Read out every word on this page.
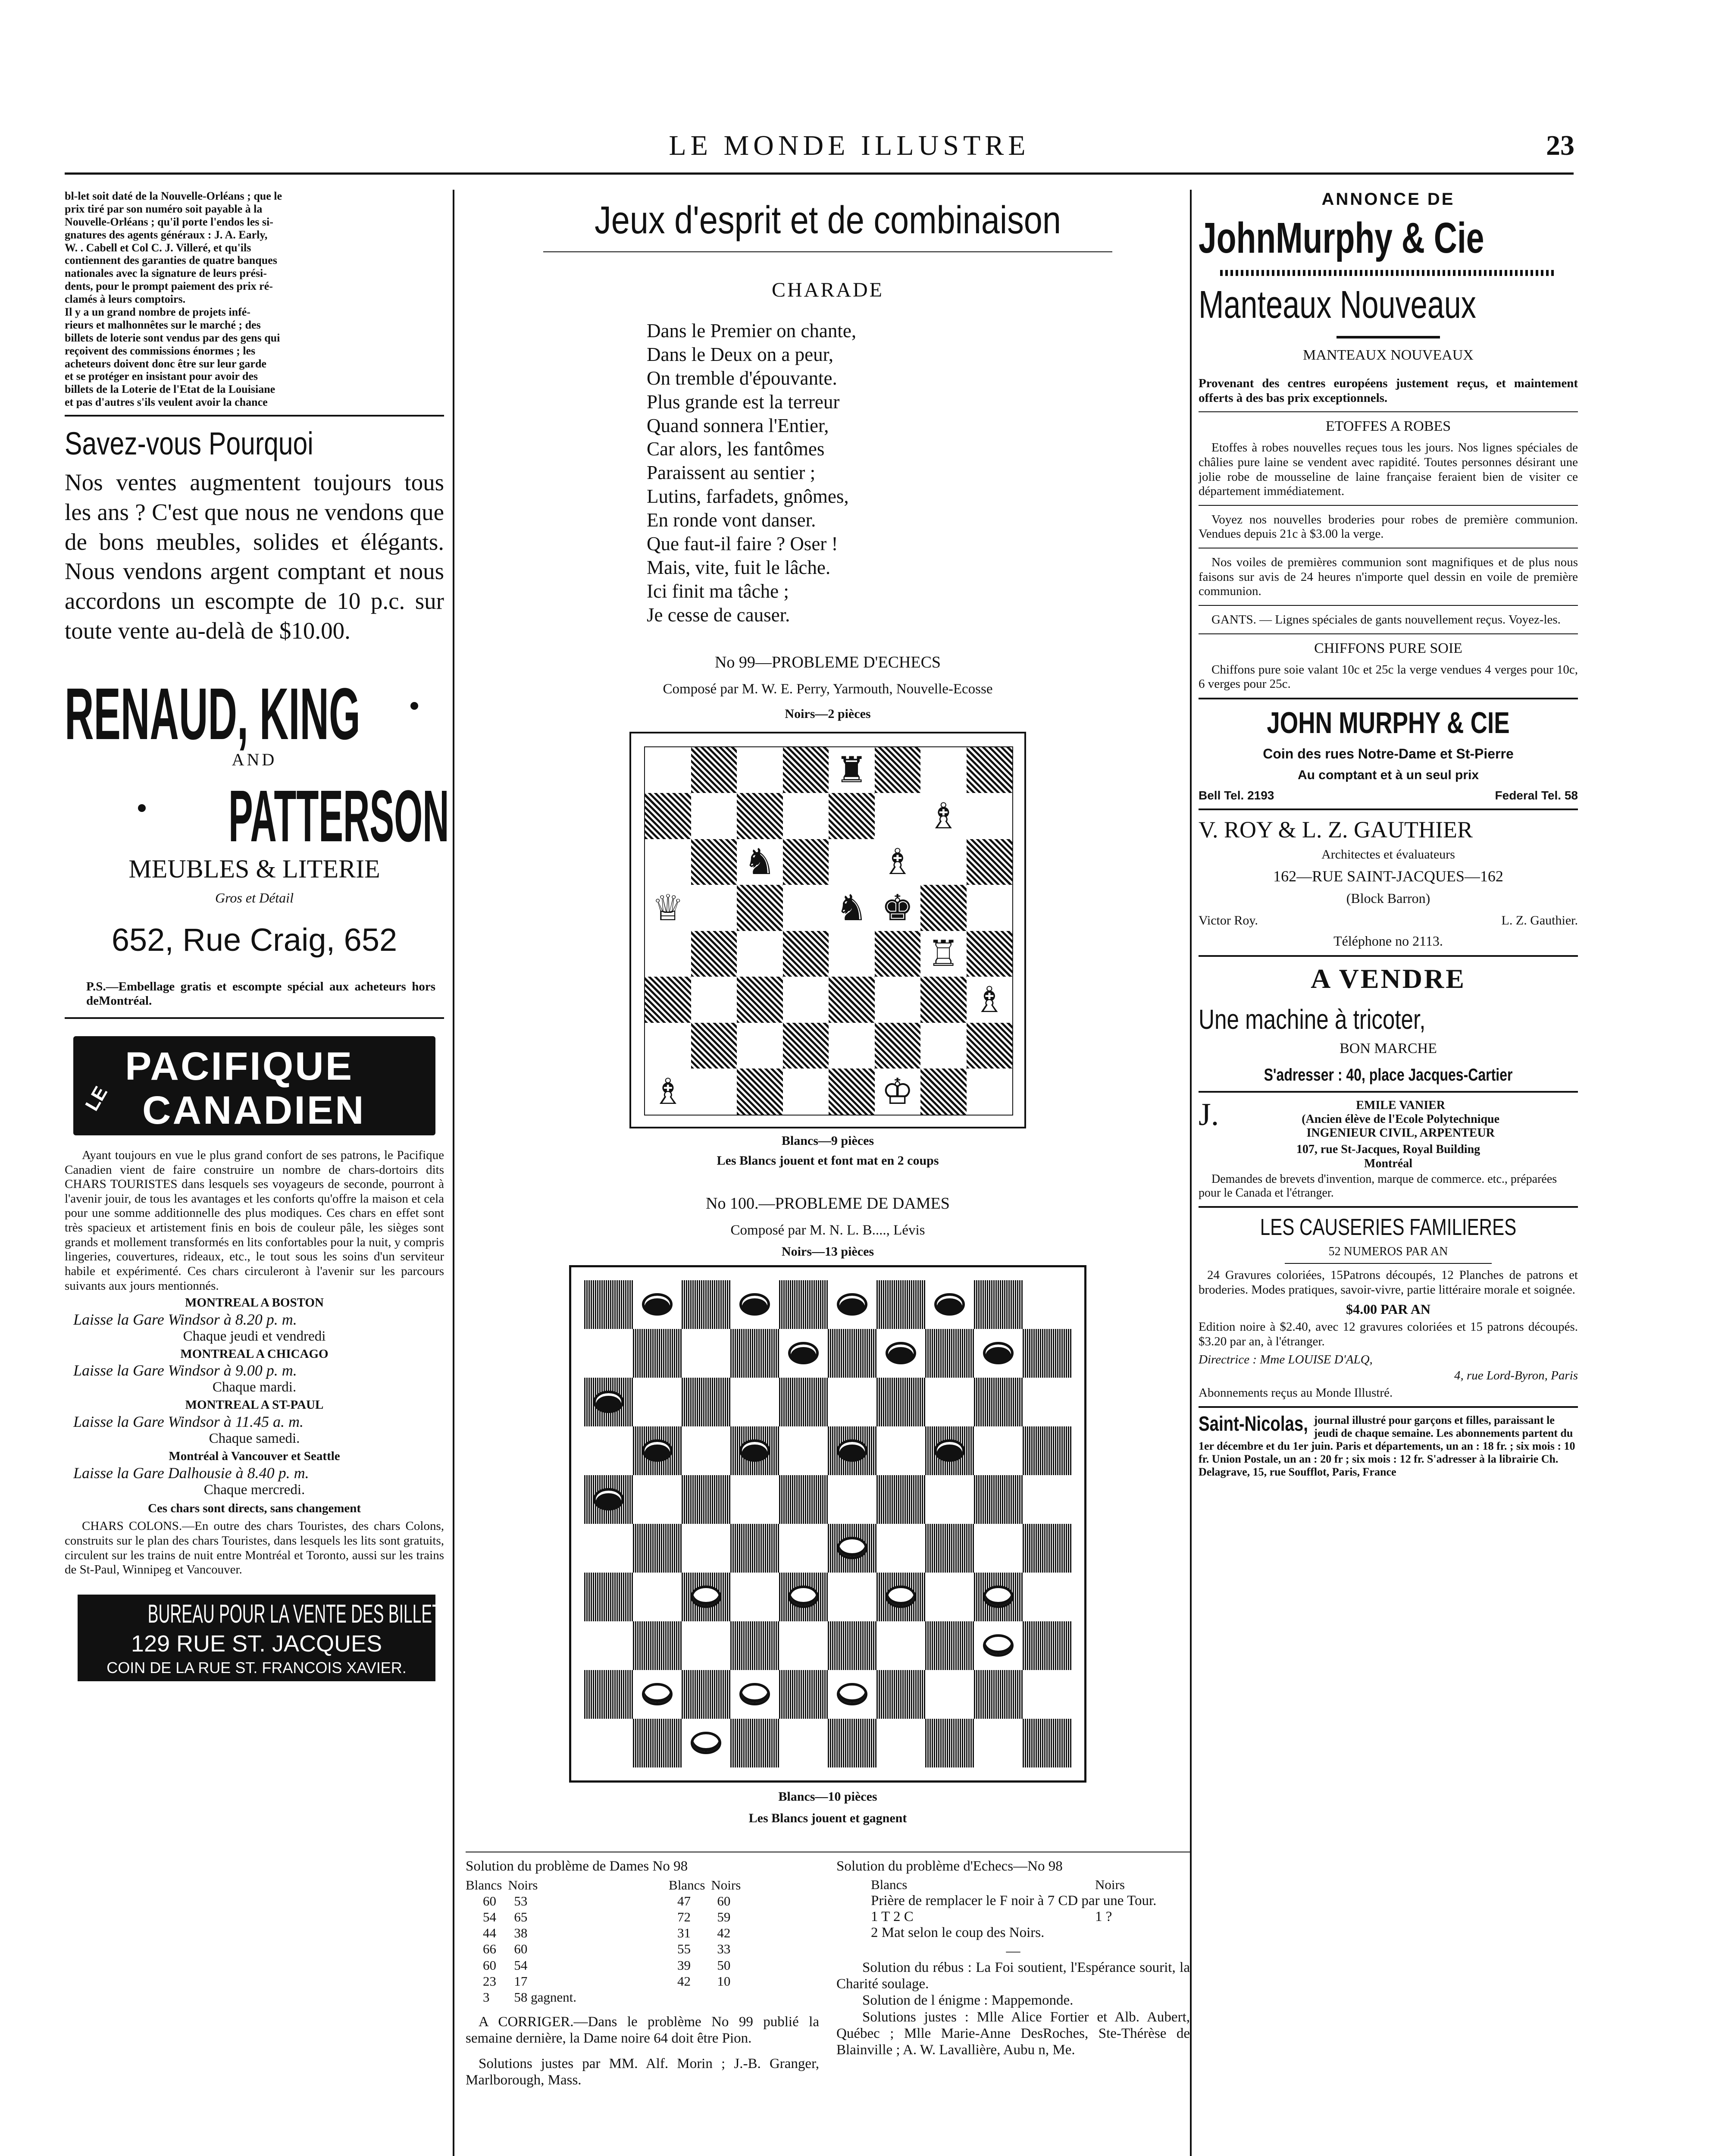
LE MONDE ILLUSTRE	23
bl-let soit daté de la Nouvelle-Orléans ; que le
prix tiré par son numéro soit payable à la
Nouvelle-Orléans ; qu'il porte l'endos les si-
gnatures des agents généraux : J. A. Early,
W. . Cabell et Col C. J. Villeré, et qu'ils
contiennent des garanties de quatre banques
nationales avec la signature de leurs prési-
dents, pour le prompt paiement des prix ré-
clamés à leurs comptoirs.
Il y a un grand nombre de projets infé-
rieurs et malhonnêtes sur le marché ; des
billets de loterie sont vendus par des gens qui
reçoivent des commissions énormes ; les
acheteurs doivent donc être sur leur garde
et se protéger en insistant pour avoir des
billets de la Loterie de l'Etat de la Louisiane
et pas d'autres s'ils veulent avoir la chance
Savez-vous Pourquoi
Nos ventes augmentent toujours tous les ans ? C'est que nous ne vendons que de bons meubles, solides et élégants. Nous vendons argent comptant et nous accordons un escompte de 10 p.c. sur toute vente au-delà de $10.00.
RENAUD, KING
AND
PATTERSON
MEUBLES & LITERIE
Gros et Détail
652, Rue Craig, 652
P.S.—Embellage gratis et escompte spécial aux acheteurs hors deMontréal.
LE
PACIFIQUE
CANADIEN
Ayant toujours en vue le plus grand confort de ses patrons, le Pacifique Canadien vient de faire construire un nombre de chars-dortoirs dits CHARS TOURISTES dans lesquels ses voyageurs de seconde, pourront à l'avenir jouir, de tous les avantages et les conforts qu'offre la maison et cela pour une somme additionnelle des plus modiques. Ces chars en effet sont très spacieux et artistement finis en bois de couleur pâle, les sièges sont grands et mollement transformés en lits confortables pour la nuit, y compris lingeries, couvertures, rideaux, etc., le tout sous les soins d'un serviteur habile et expérimenté. Ces chars circuleront à l'avenir sur les parcours suivants aux jours mentionnés.
MONTREAL A BOSTON
Laisse la Gare Windsor à 8.20 p. m.
Chaque jeudi et vendredi
MONTREAL A CHICAGO
Laisse la Gare Windsor à 9.00 p. m.
Chaque mardi.
MONTREAL A ST-PAUL
Laisse la Gare Windsor à 11.45 a. m.
Chaque samedi.
Montréal à Vancouver et Seattle
Laisse la Gare Dalhousie à 8.40 p. m.
Chaque mercredi.
Ces chars sont directs, sans changement
CHARS COLONS.—En outre des chars Touristes, des chars Colons, construits sur le plan des chars Touristes, dans lesquels les lits sont gratuits, circulent sur les trains de nuit entre Montréal et Toronto, aussi sur les trains de St-Paul, Winnipeg et Vancouver.
BUREAU POUR LA VENTE DES BILLETS
129 RUE ST. JACQUES
COIN DE LA RUE ST. FRANCOIS XAVIER.
Jeux d'esprit et de combinaison
CHARADE
Dans le Premier on chante,
Dans le Deux on a peur,
On tremble d'épouvante.
Plus grande est la terreur
Quand sonnera l'Entier,
Car alors, les fantômes
Paraissent au sentier ;
Lutins, farfadets, gnômes,
En ronde vont danser.
Que faut-il faire ? Oser !
Mais, vite, fuit le lâche.
Ici finit ma tâche ;
Je cesse de causer.
No 99—PROBLEME D'ECHECS
Composé par M. W. E. Perry, Yarmouth, Nouvelle-Ecosse
Noirs—2 pièces
♜
♗
♞	♗
♕	♞ ♚
♖
♗
♗	♔
Blancs—9 pièces
Les Blancs jouent et font mat en 2 coups
No 100.—PROBLEME DE DAMES
Composé par M. N. L. B...., Lévis
Noirs—13 pièces
Blancs—10 pièces
Les Blancs jouent et gagnent
Solution du problème de Dames No 98
Blancs	Noirs	Blancs	Noirs
60	53	47	60
54	65	72	59
44	38	31	42
66	60	55	33
60	54	39	50
23	17	42	10
3	58 gagnent.		
A CORRIGER.—Dans le problème No 99 publié la semaine dernière, la Dame noire 64 doit être Pion.
Solutions justes par MM. Alf. Morin ; J.-B. Granger, Marlborough, Mass.
Solution du problème d'Echecs—No 98
Blancs	Noirs
Prière de remplacer le F noir à 7 CD par une Tour.
1 T 2 C	1 ?
2 Mat selon le coup des Noirs.
—
Solution du rébus : La Foi soutient, l'Espérance sourit, la Charité soulage.
Solution de l énigme : Mappemonde.
Solutions justes : Mlle Alice Fortier et Alb. Aubert, Québec ; Mlle Marie-Anne DesRoches, Ste-Thérèse de Blainville ; A. W. Lavallière, Aubu n, Me.
ANNONCE DE
JohnMurphy & Cie
Manteaux Nouveaux
MANTEAUX NOUVEAUX
Provenant des centres européens justement reçus, et maintement offerts à des bas prix exceptionnels.
ETOFFES A ROBES
Etoffes à robes nouvelles reçues tous les jours. Nos lignes spéciales de châlies pure laine se vendent avec rapidité. Toutes personnes désirant une jolie robe de mousseline de laine française feraient bien de visiter ce département immédiatement.
Voyez nos nouvelles broderies pour robes de première communion. Vendues depuis 21c à $3.00 la verge.
Nos voiles de premières communion sont magnifiques et de plus nous faisons sur avis de 24 heures n'importe quel dessin en voile de première communion.
GANTS. — Lignes spéciales de gants nouvellement reçus. Voyez-les.
CHIFFONS PURE SOIE
Chiffons pure soie valant 10c et 25c la verge vendues 4 verges pour 10c, 6 verges pour 25c.
JOHN MURPHY & CIE
Coin des rues Notre-Dame et St-Pierre
Au comptant et à un seul prix
Bell Tel. 2193	Federal Tel. 58
V. ROY & L. Z. GAUTHIER
Architectes et évaluateurs
162—RUE SAINT-JACQUES—162
(Block Barron)
Victor Roy.	L. Z. Gauthier.
Téléphone no 2113.
A VENDRE
Une machine à tricoter,
BON MARCHE
S'adresser : 40, place Jacques-Cartier
J.	EMILE VANIER
(Ancien élève de l'Ecole Polytechnique
INGENIEUR CIVIL, ARPENTEUR
107, rue St-Jacques, Royal Building
Montréal
Demandes de brevets d'invention, marque de commerce. etc., préparées pour le Canada et l'étranger.
LES CAUSERIES FAMILIERES
52 NUMEROS PAR AN
24 Gravures coloriées, 15Patrons découpés, 12 Planches de patrons et broderies. Modes pratiques, savoir-vivre, partie littéraire morale et soignée.
$4.00 PAR AN
Edition noire à $2.40, avec 12 gravures coloriées et 15 patrons découpés. $3.20 par an, à l'étranger.
Directrice : Mme LOUISE D'ALQ,
4, rue Lord-Byron, Paris
Abonnements reçus au Monde Illustré.
Saint-Nicolas, journal illustré pour garçons et filles, paraissant le jeudi de chaque semaine. Les abonnements partent du 1er décembre et du 1er juin. Paris et départements, un an : 18 fr. ; six mois : 10 fr. Union Postale, un an : 20 fr ; six mois : 12 fr. S'adresser à la librairie Ch. Delagrave, 15, rue Soufflot, Paris, France
